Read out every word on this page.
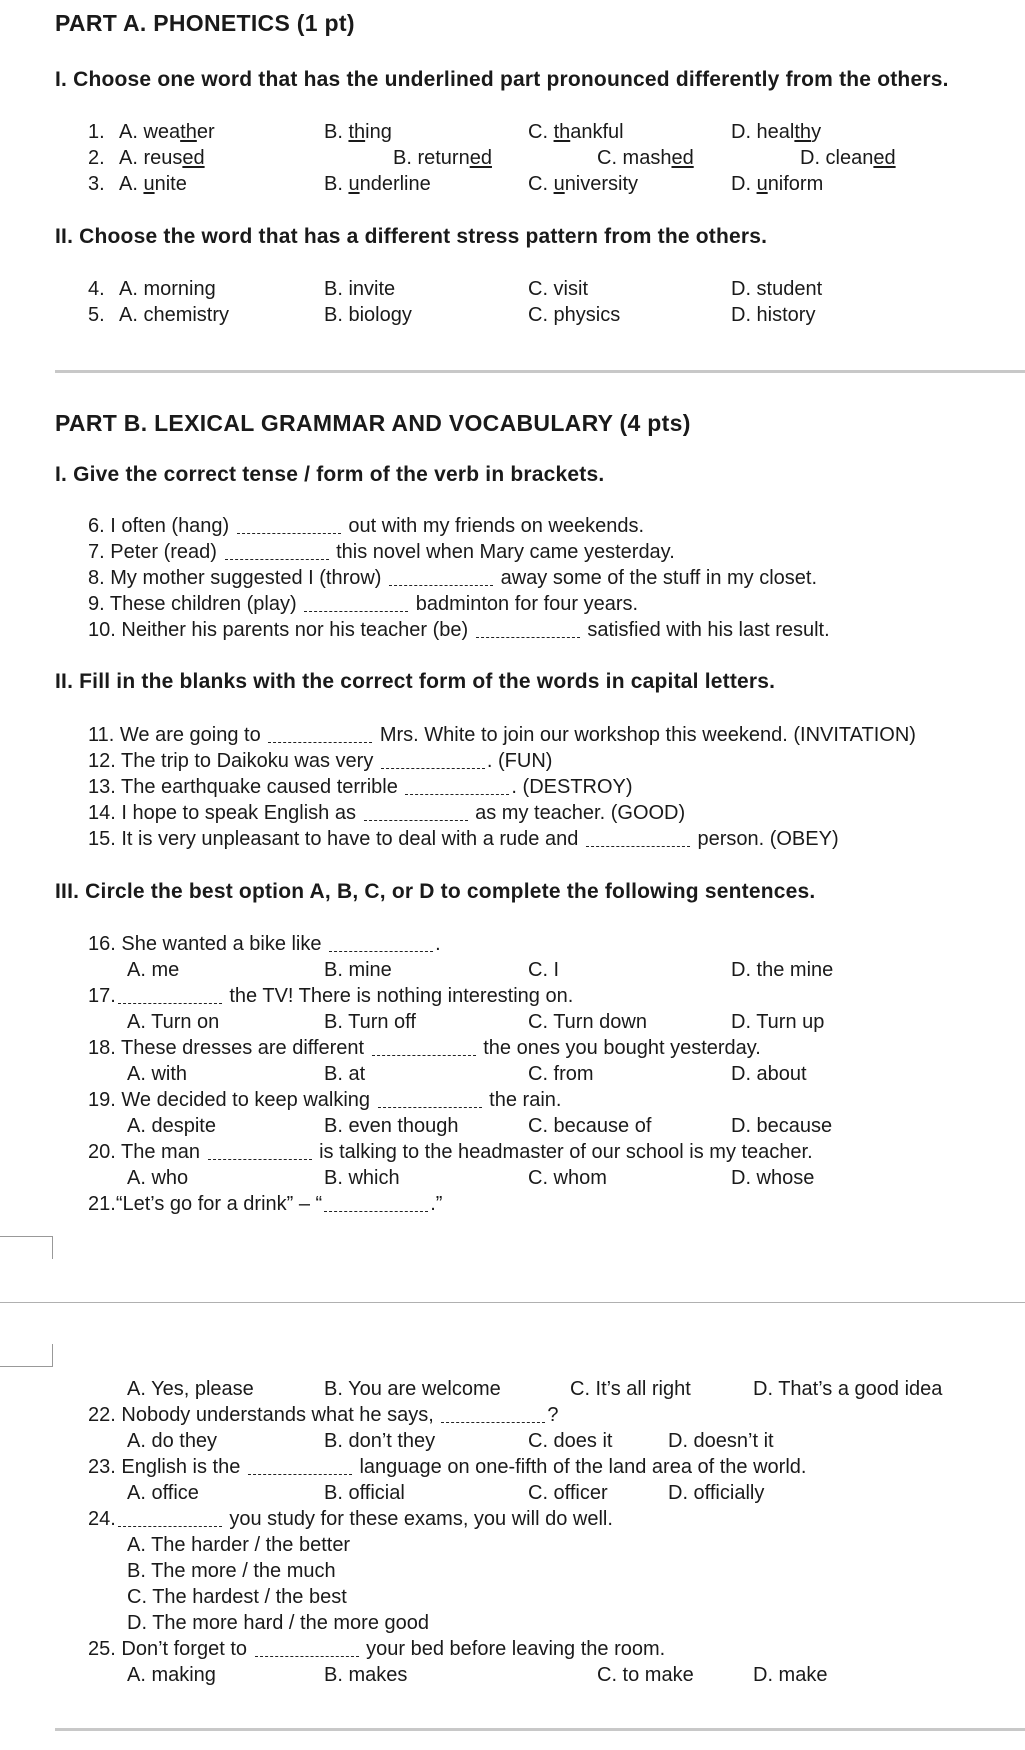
PART A. PHONETICS (1 pt)
I. Choose one word that has the underlined part pronounced differently from the others.
1. A. weather	B. thing	C. thankful	D. healthy
2. A. reused	B. returned	C. mashed	D. cleaned
3. A. unite	B. underline	C. university	D. uniform
II. Choose the word that has a different stress pattern from the others.
4. A. morning	B. invite	C. visit	D. student
5. A. chemistry	B. biology	C. physics	D. history
PART B. LEXICAL GRAMMAR AND VOCABULARY (4 pts)
I. Give the correct tense / form of the verb in brackets.
6. I often (hang)	out with my friends on weekends.
7. Peter (read)	this novel when Mary came yesterday.
8. My mother suggested I (throw)	away some of the stuff in my closet.
9. These children (play)	badminton for four years.
10. Neither his parents nor his teacher (be)	satisfied with his last result.
II. Fill in the blanks with the correct form of the words in capital letters.
11. We are going to	Mrs. White to join our workshop this weekend. (INVITATION)
12. The trip to Daikoku was very	. (FUN)
13. The earthquake caused terrible	. (DESTROY)
14. I hope to speak English as	as my teacher. (GOOD)
15. It is very unpleasant to have to deal with a rude and	person. (OBEY)
III. Circle the best option A, B, C, or D to complete the following sentences.
16. She wanted a bike like	.
A. me	B. mine	C. I	D. the mine
17.	the TV! There is nothing interesting on.
A. Turn on	B. Turn off	C. Turn down	D. Turn up
18. These dresses are different	the ones you bought yesterday.
A. with	B. at	C. from	D. about
19. We decided to keep walking	the rain.
A. despite	B. even though	C. because of	D. because
20. The man	is talking to the headmaster of our school is my teacher.
A. who	B. which	C. whom	D. whose
21.“Let’s go for a drink” – “	.”
A. Yes, please	B. You are welcome	C. It’s all right	D. That’s a good idea
22. Nobody understands what he says,	?
A. do they	B. don’t they	C. does it	D. doesn’t it
23. English is the	language on one-fifth of the land area of the world.
A. office	B. official	C. officer	D. officially
24.	you study for these exams, you will do well.
A. The harder / the better
B. The more / the much
C. The hardest / the best
D. The more hard / the more good
25. Don’t forget to	your bed before leaving the room.
A. making	B. makes	C. to make	D. make
